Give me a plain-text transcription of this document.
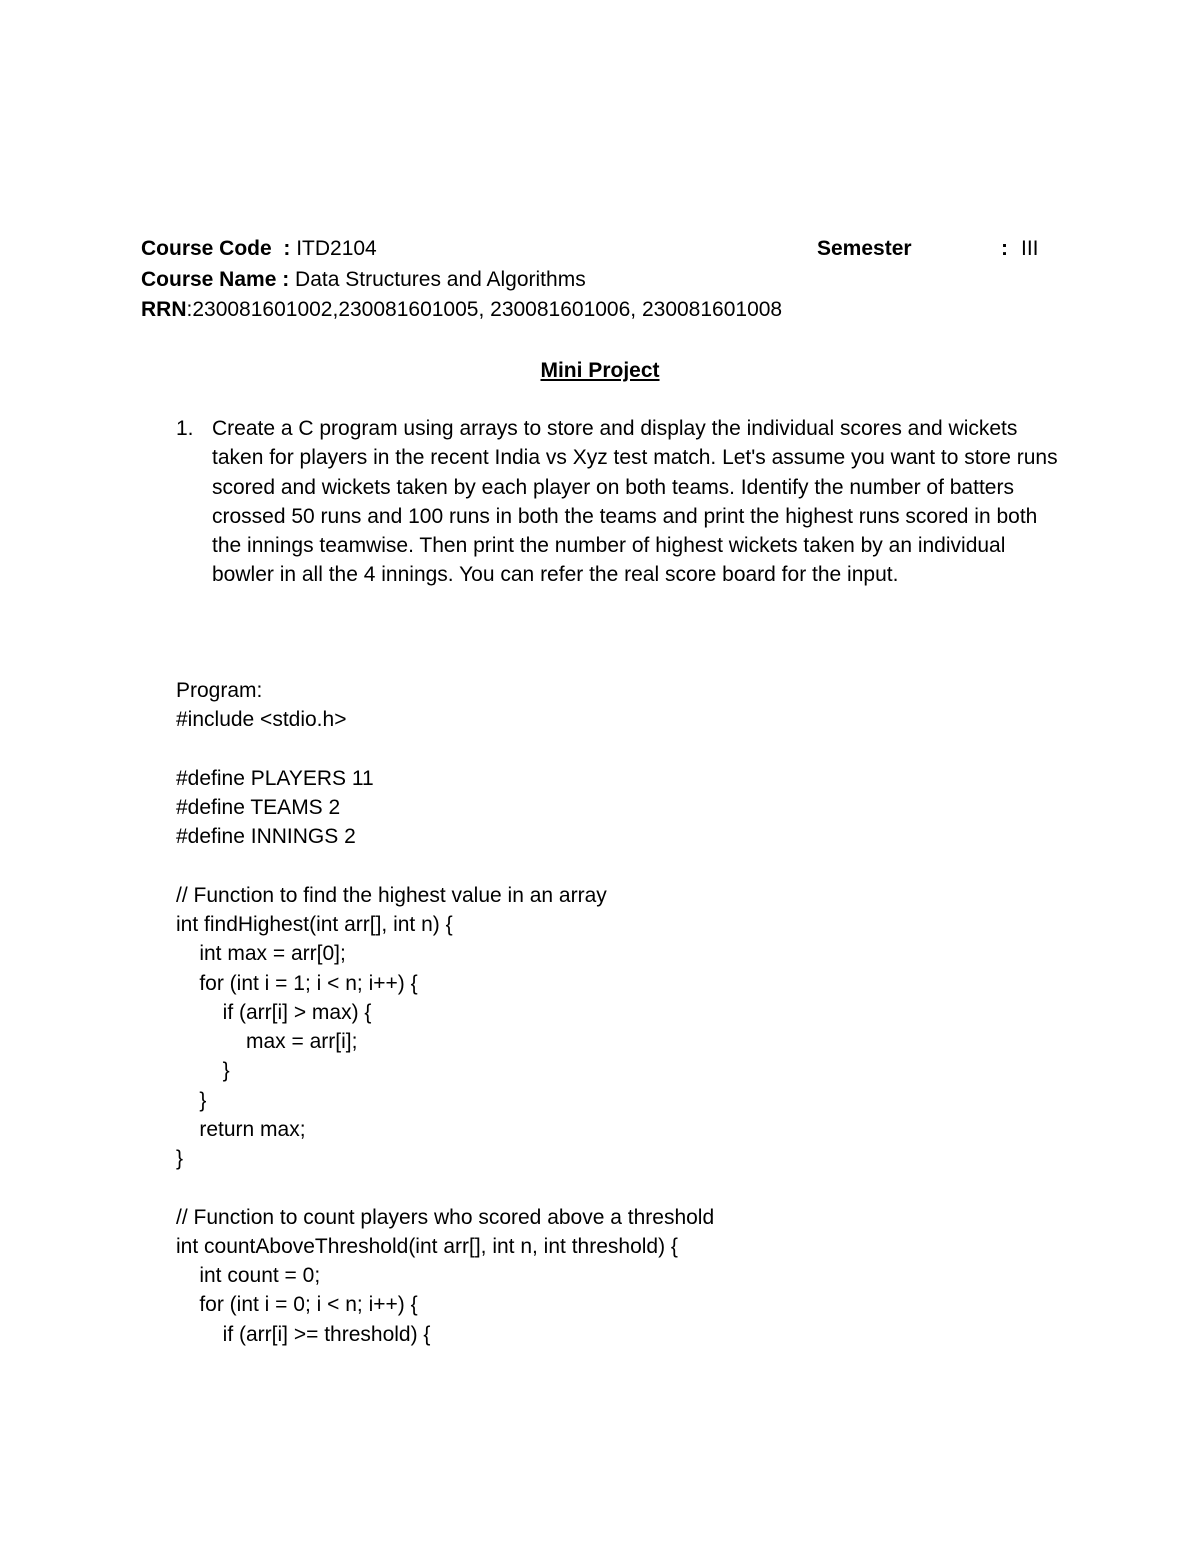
Course Code  : ITD2104	Semester	: III
Course Name : Data Structures and Algorithms
RRN:230081601002,230081601005, 230081601006, 230081601008
Mini Project
1. Create a C program using arrays to store and display the individual scores and wickets taken for players in the recent India vs Xyz test match. Let's assume you want to store runs scored and wickets taken by each player on both teams. Identify the number of batters crossed 50 runs and 100 runs in both the teams and print the highest runs scored in both the innings teamwise. Then print the number of highest wickets taken by an individual bowler in all the 4 innings. You can refer the real score board for the input.
Program:
#include <stdio.h>
#define PLAYERS 11
#define TEAMS 2
#define INNINGS 2
// Function to find the highest value in an array
int findHighest(int arr[], int n) {
int max = arr[0];
for (int i = 1; i < n; i++) {
if (arr[i] > max) {
max = arr[i];
}
}
return max;
}
// Function to count players who scored above a threshold
int countAboveThreshold(int arr[], int n, int threshold) {
int count = 0;
for (int i = 0; i < n; i++) {
if (arr[i] >= threshold) {
